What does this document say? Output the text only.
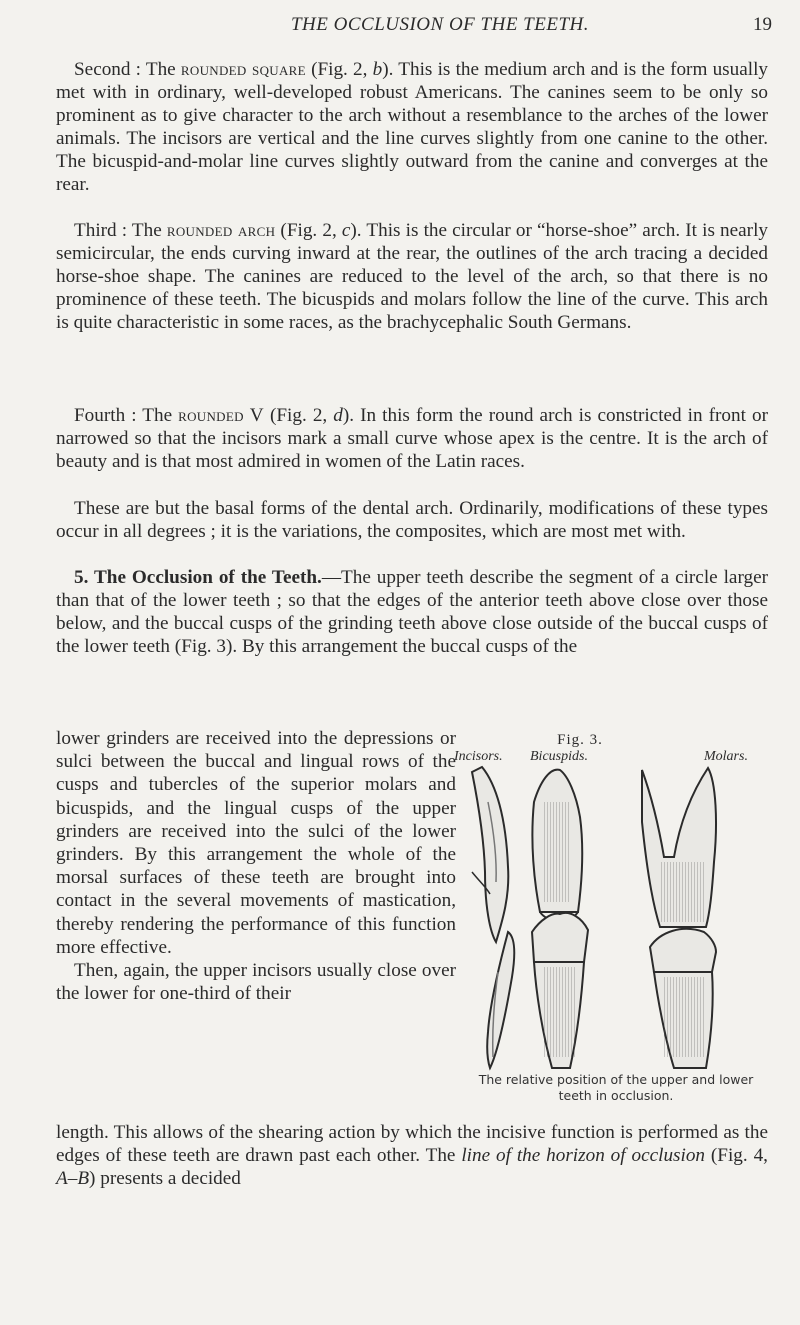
THE OCCLUSION OF THE TEETH.	19

Second : The rounded square (Fig. 2, b). This is the medium arch and is the form usually met with in ordinary, well-developed robust Americans. The canines seem to be only so prominent as to give character to the arch without a resemblance to the arches of the lower animals. The incisors are vertical and the line curves slightly from one canine to the other. The bicuspid-and-molar line curves slightly outward from the canine and converges at the rear.

Third : The rounded arch (Fig. 2, c). This is the circular or “horse-shoe” arch. It is nearly semicircular, the ends curving inward at the rear, the outlines of the arch tracing a decided horse-shoe shape. The canines are reduced to the level of the arch, so that there is no prominence of these teeth. The bicuspids and molars follow the line of the curve. This arch is quite characteristic in some races, as the brachycephalic South Germans.

Fourth : The rounded V (Fig. 2, d). In this form the round arch is constricted in front or narrowed so that the incisors mark a small curve whose apex is the centre. It is the arch of beauty and is that most admired in women of the Latin races.

These are but the basal forms of the dental arch. Ordinarily, modifications of these types occur in all degrees ; it is the variations, the composites, which are most met with.

5. The Occlusion of the Teeth.—The upper teeth describe the segment of a circle larger than that of the lower teeth ; so that the edges of the anterior teeth above close over those below, and the buccal cusps of the grinding teeth above close outside of the buccal cusps of the lower teeth (Fig. 3). By this arrangement the buccal cusps of the

lower grinders are received into the depressions or sulci between the buccal and lingual rows of the cusps and tubercles of the superior molars and bicuspids, and the lingual cusps of the upper grinders are received into the sulci of the lower grinders. By this arrangement the whole of the morsal surfaces of these teeth are brought into contact in the several movements of mastication, thereby rendering the performance of this function more effective.

Then, again, the upper incisors usually close over the lower for one-third of their

length. This allows of the shearing action by which the incisive function is performed as the edges of these teeth are drawn past each other. The line of the horizon of occlusion (Fig. 4, A–B) presents a decided

Fig. 3.
Incisors. Bicuspids.	Molars.
The relative position of the upper and lower teeth in occlusion.
